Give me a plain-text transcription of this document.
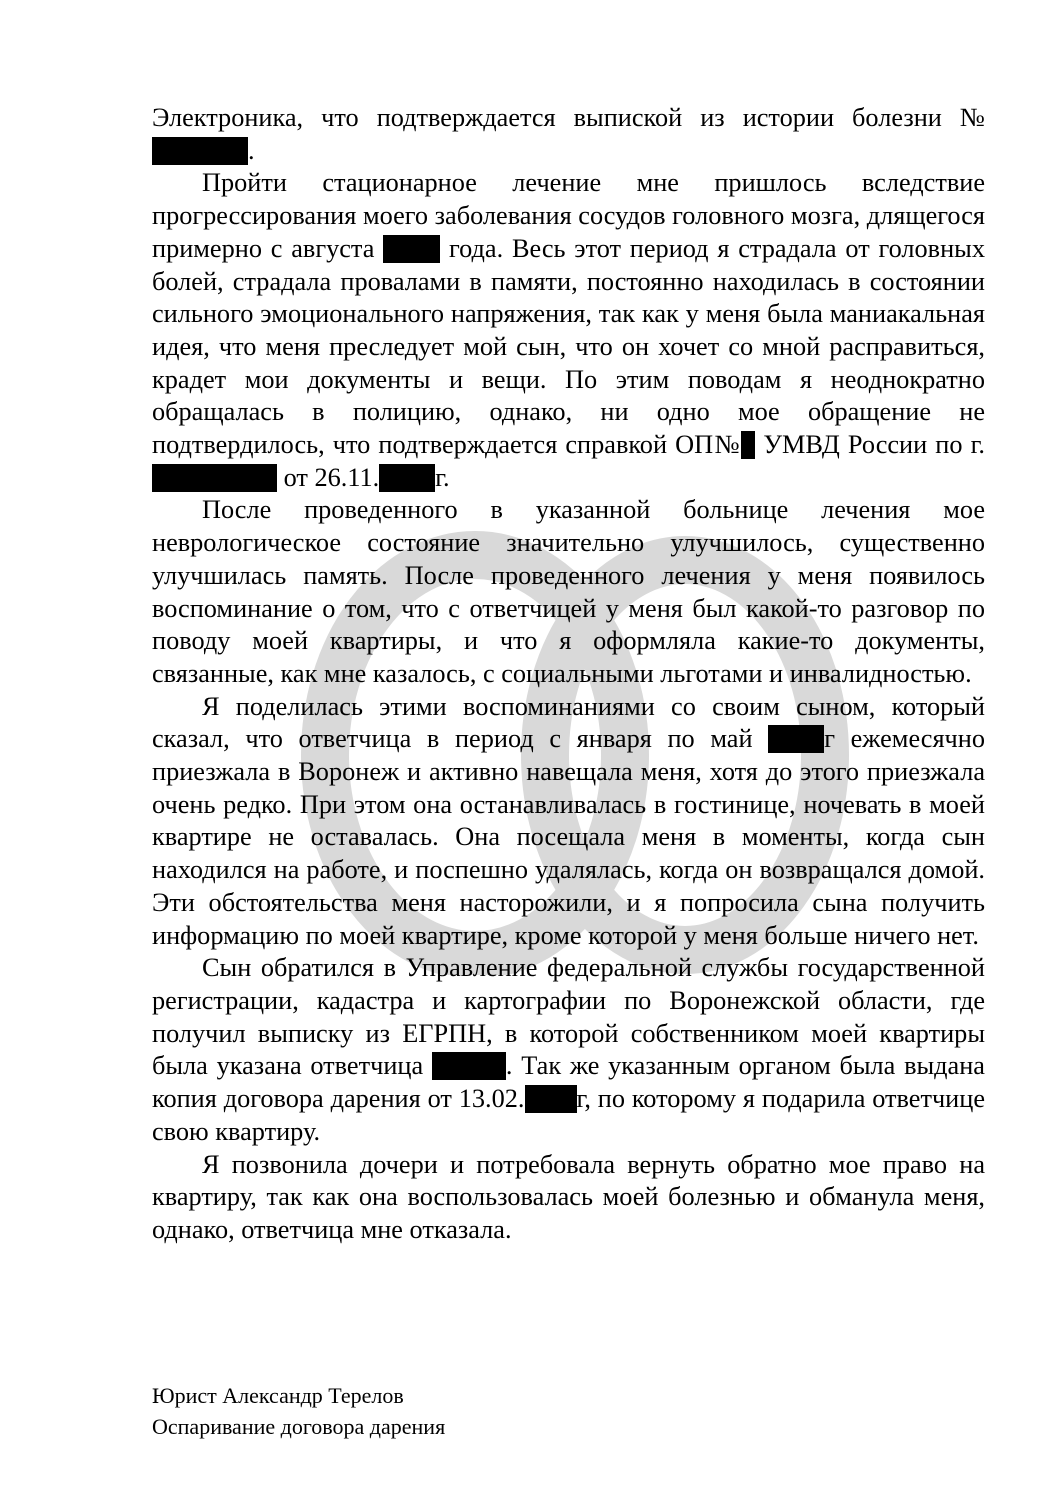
Электроника, что подтверждается выпиской из истории болезни №.

Пройти стационарное лечение мне пришлось вследствие прогрессирования моего заболевания сосудов головного мозга, длящегося примерно с августа  года. Весь этот период я страдала от головных болей, страдала провалами в памяти, постоянно находилась в состоянии сильного эмоционального напряжения, так как у меня была маниакальная идея, что меня преследует мой сын, что он хочет со мной расправиться, крадет мои документы и вещи. По этим поводам я неоднократно обращалась в полицию, однако, ни одно мое обращение не подтвердилось, что подтверждается справкой ОП№ УМВД России по г.  от 26.11. г.

После проведенного в указанной больнице лечения мое неврологическое состояние значительно улучшилось, существенно улучшилась память. После проведенного лечения у меня появилось воспоминание о том, что с ответчицей у меня был какой-то разговор по поводу моей квартиры, и что я оформляла какие-то документы, связанные, как мне казалось, с социальными льготами и инвалидностью.

Я поделилась этими воспоминаниями со своим сыном, который сказал, что ответчица в период с января по май г ежемесячно приезжала в Воронеж и активно навещала меня, хотя до этого приезжала очень редко. При этом она останавливалась в гостинице, ночевать в моей квартире не оставалась. Она посещала меня в моменты, когда сын находился на работе, и поспешно удалялась, когда он возвращался домой. Эти обстоятельства меня насторожили, и я попросила сына получить информацию по моей квартире, кроме которой у меня больше ничего нет.

Сын обратился в Управление федеральной службы государственной регистрации, кадастра и картографии по Воронежской области, где получил выписку из ЕГРПН, в которой собственником моей квартиры была указана ответчица	. Так же указанным органом была выдана копия договора дарения от 13.02. г, по которому я подарила ответчице свою квартиру.

Я позвонила дочери и потребовала вернуть обратно мое право на квартиру, так как она воспользовалась моей болезнью и обманула меня, однако, ответчица мне отказала.

Юрист Александр Терелов
Оспаривание договора дарения
